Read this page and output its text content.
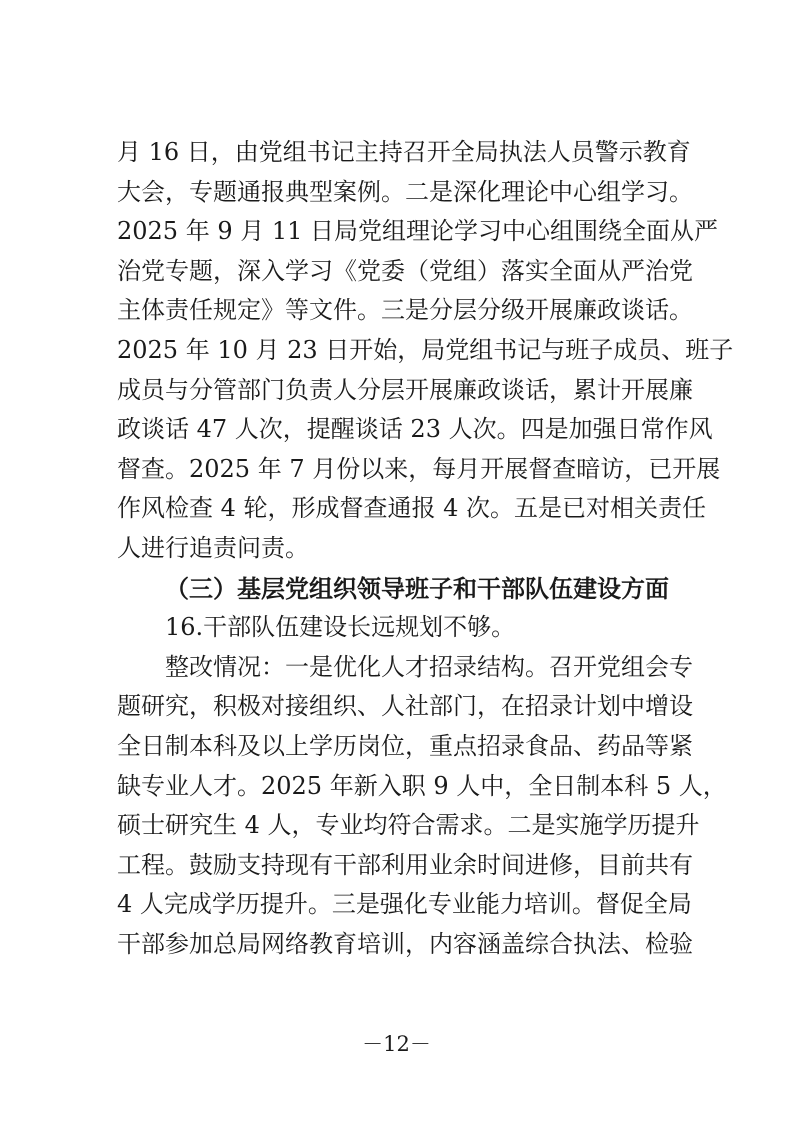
月 16 日，由党组书记主持召开全局执法人员警示教育
大会，专题通报典型案例。二是深化理论中心组学习。
2025 年 9 月 11 日局党组理论学习中心组围绕全面从严
治党专题，深入学习《党委（党组）落实全面从严治党
主体责任规定》等文件。三是分层分级开展廉政谈话。
2025 年 10 月 23 日开始，局党组书记与班子成员、班子
成员与分管部门负责人分层开展廉政谈话，累计开展廉
政谈话 47 人次，提醒谈话 23 人次。四是加强日常作风
督查。2025 年 7 月份以来，每月开展督查暗访，已开展
作风检查 4 轮，形成督查通报 4 次。五是已对相关责任
人进行追责问责。
（三）基层党组织领导班子和干部队伍建设方面
16.干部队伍建设长远规划不够。
整改情况：一是优化人才招录结构。召开党组会专
题研究，积极对接组织、人社部门，在招录计划中增设
全日制本科及以上学历岗位，重点招录食品、药品等紧
缺专业人才。2025 年新入职 9 人中，全日制本科 5 人，
硕士研究生 4 人，专业均符合需求。二是实施学历提升
工程。鼓励支持现有干部利用业余时间进修，目前共有
4 人完成学历提升。三是强化专业能力培训。督促全局
干部参加总局网络教育培训，内容涵盖综合执法、检验
－12－
